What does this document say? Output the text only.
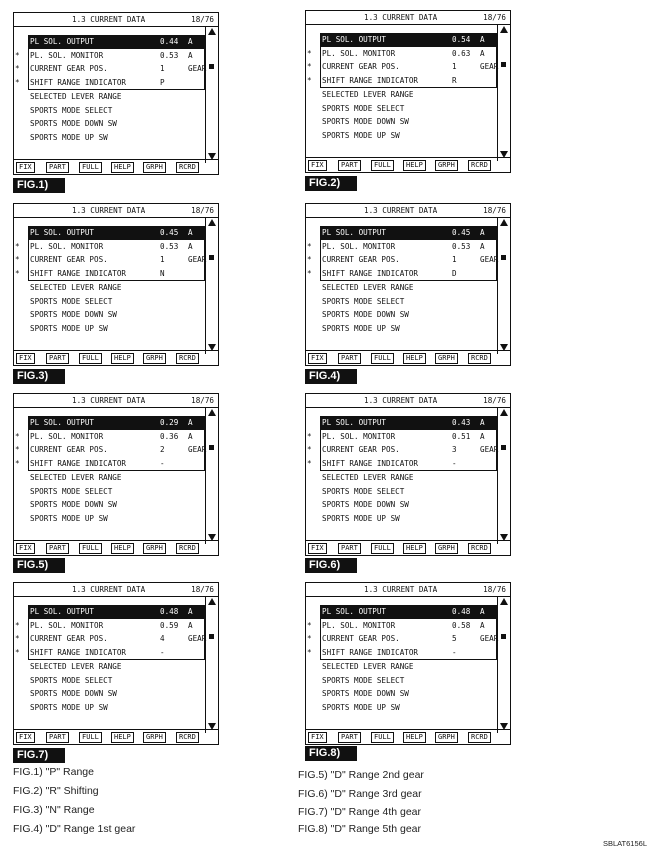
1.3 CURRENT DATA	18/76
* PL SOL. OUTPUT	0.44 A
* PL. SOL. MONITOR	0.53 A
* CURRENT GEAR POS.	1	GEAR
* SHIFT RANGE INDICATOR	P
SELECTED LEVER RANGE
SPORTS MODE SELECT
SPORTS MODE DOWN SW
SPORTS MODE UP SW
FIX	PART	FULL	HELP	GRPH	RCRD
FIG.1)
1.3 CURRENT DATA	18/76
* PL SOL. OUTPUT	0.54 A
* PL. SOL. MONITOR	0.63 A
* CURRENT GEAR POS.	1	GEAR
* SHIFT RANGE INDICATOR	R
SELECTED LEVER RANGE
SPORTS MODE SELECT
SPORTS MODE DOWN SW
SPORTS MODE UP SW
FIX	PART	FULL	HELP	GRPH	RCRD
FIG.2)
1.3 CURRENT DATA	18/76
* PL SOL. OUTPUT	0.45 A
* PL. SOL. MONITOR	0.53 A
* CURRENT GEAR POS.	1	GEAR
* SHIFT RANGE INDICATOR	N
SELECTED LEVER RANGE
SPORTS MODE SELECT
SPORTS MODE DOWN SW
SPORTS MODE UP SW
FIX	PART	FULL	HELP	GRPH	RCRD
FIG.3)
1.3 CURRENT DATA	18/76
* PL SOL. OUTPUT	0.45 A
* PL. SOL. MONITOR	0.53 A
* CURRENT GEAR POS.	1	GEAR
* SHIFT RANGE INDICATOR	D
SELECTED LEVER RANGE
SPORTS MODE SELECT
SPORTS MODE DOWN SW
SPORTS MODE UP SW
FIX	PART	FULL	HELP	GRPH	RCRD
FIG.4)
1.3 CURRENT DATA	18/76
* PL SOL. OUTPUT	0.29 A
* PL. SOL. MONITOR	0.36 A
* CURRENT GEAR POS.	2	GEAR
* SHIFT RANGE INDICATOR	-
SELECTED LEVER RANGE
SPORTS MODE SELECT
SPORTS MODE DOWN SW
SPORTS MODE UP SW
FIX	PART	FULL	HELP	GRPH	RCRD
FIG.5)
1.3 CURRENT DATA	18/76
* PL SOL. OUTPUT	0.43 A
* PL. SOL. MONITOR	0.51 A
* CURRENT GEAR POS.	3	GEAR
* SHIFT RANGE INDICATOR	-
SELECTED LEVER RANGE
SPORTS MODE SELECT
SPORTS MODE DOWN SW
SPORTS MODE UP SW
FIX	PART	FULL	HELP	GRPH	RCRD
FIG.6)
1.3 CURRENT DATA	18/76
* PL SOL. OUTPUT	0.48 A
* PL. SOL. MONITOR	0.59 A
* CURRENT GEAR POS.	4	GEAR
* SHIFT RANGE INDICATOR	-
SELECTED LEVER RANGE
SPORTS MODE SELECT
SPORTS MODE DOWN SW
SPORTS MODE UP SW
FIX	PART	FULL	HELP	GRPH	RCRD
FIG.7)
1.3 CURRENT DATA	18/76
* PL SOL. OUTPUT	0.48 A
* PL. SOL. MONITOR	0.58 A
* CURRENT GEAR POS.	5	GEAR
* SHIFT RANGE INDICATOR	-
SELECTED LEVER RANGE
SPORTS MODE SELECT
SPORTS MODE DOWN SW
SPORTS MODE UP SW
FIX	PART	FULL	HELP	GRPH	RCRD
FIG.8)
FIG.1) "P" Range
FIG.2) "R" Shifting
FIG.3) "N" Range
FIG.4) "D" Range 1st gear
FIG.5) "D" Range 2nd gear
FIG.6) "D" Range 3rd gear
FIG.7) "D" Range 4th gear
FIG.8) "D" Range 5th gear
SBLAT6156L
